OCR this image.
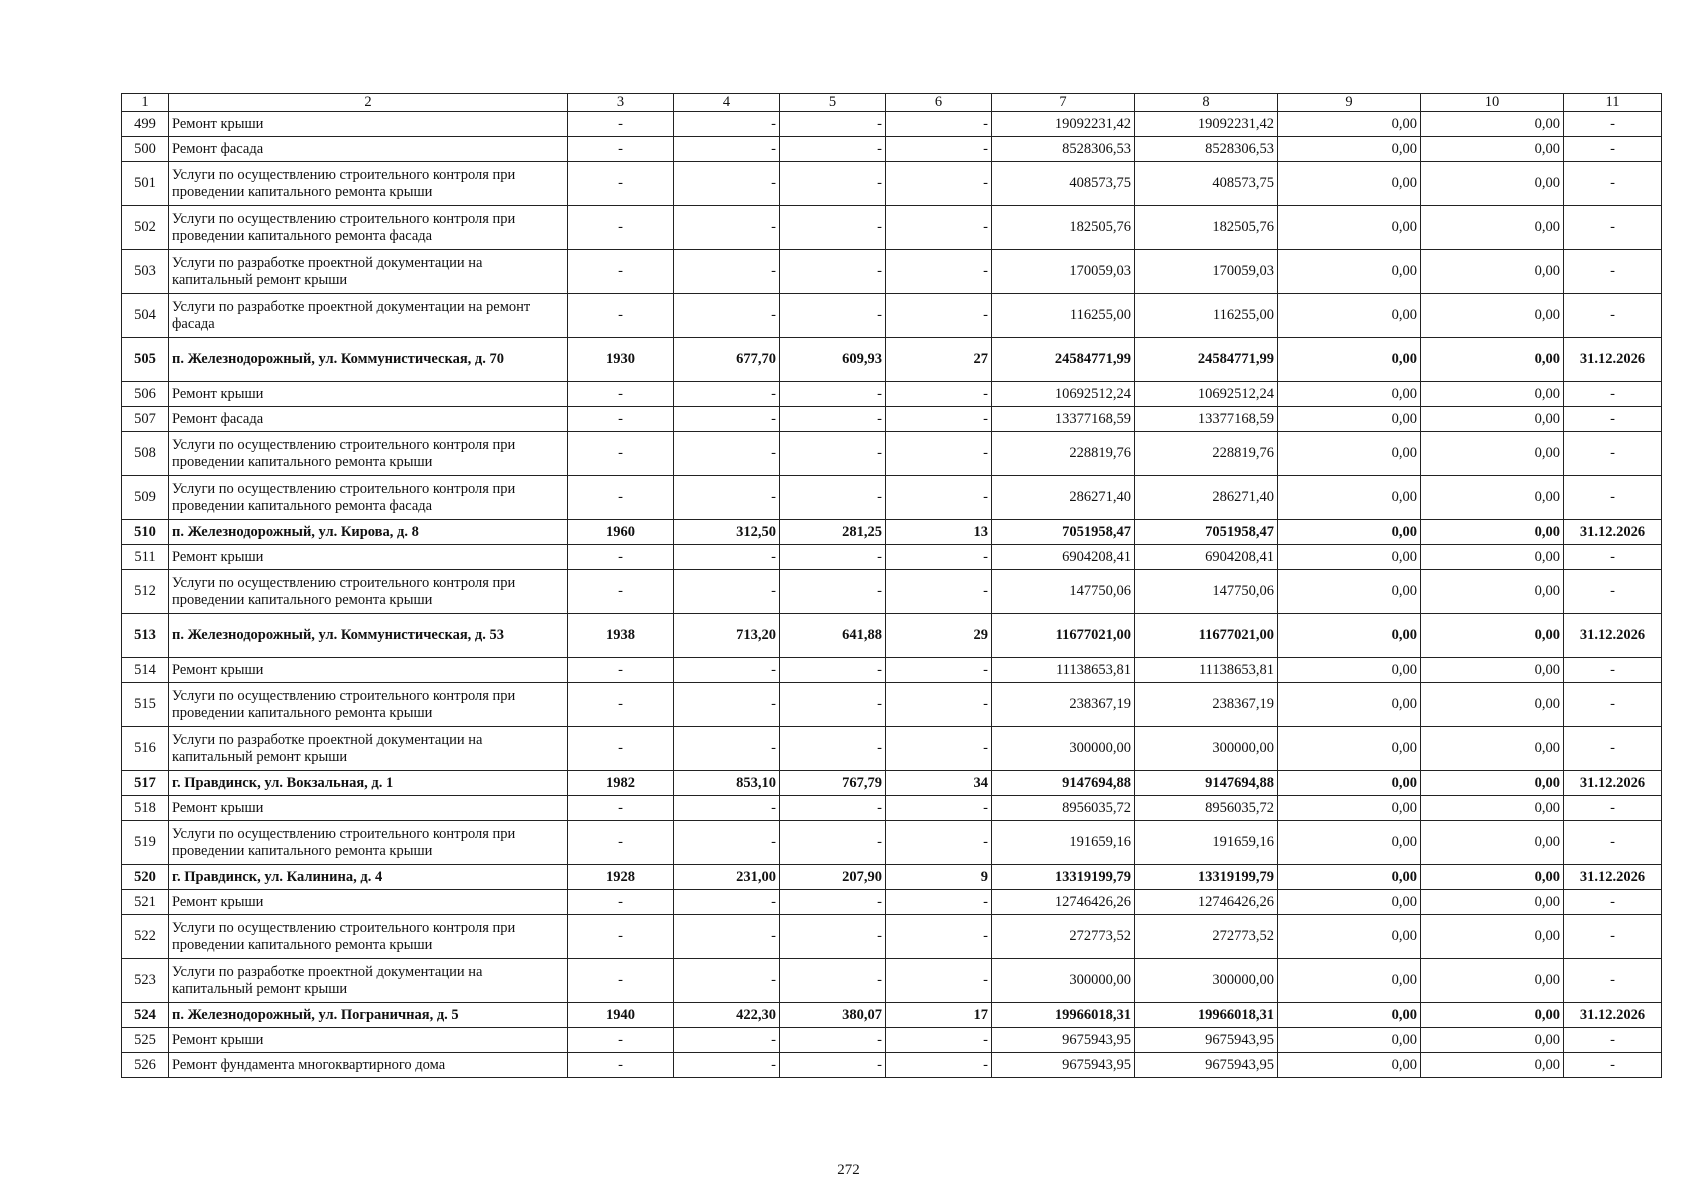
1	2	3	4	5	6	7	8	9	10	11
499	Ремонт крыши	-	-	-	-	19092231,42	19092231,42	0,00	0,00	-
500	Ремонт фасада	-	-	-	-	8528306,53	8528306,53	0,00	0,00	-
501	Услуги по осуществлению строительного контроля при проведении капитального ремонта крыши	-	-	-	-	408573,75	408573,75	0,00	0,00	-
502	Услуги по осуществлению строительного контроля при проведении капитального ремонта фасада	-	-	-	-	182505,76	182505,76	0,00	0,00	-
503	Услуги по разработке проектной документации на капитальный ремонт крыши	-	-	-	-	170059,03	170059,03	0,00	0,00	-
504	Услуги по разработке проектной документации на ремонт фасада	-	-	-	-	116255,00	116255,00	0,00	0,00	-
505	п. Железнодорожный, ул. Коммунистическая, д. 70	1930	677,70	609,93	27	24584771,99	24584771,99	0,00	0,00	31.12.2026
506	Ремонт крыши	-	-	-	-	10692512,24	10692512,24	0,00	0,00	-
507	Ремонт фасада	-	-	-	-	13377168,59	13377168,59	0,00	0,00	-
508	Услуги по осуществлению строительного контроля при проведении капитального ремонта крыши	-	-	-	-	228819,76	228819,76	0,00	0,00	-
509	Услуги по осуществлению строительного контроля при проведении капитального ремонта фасада	-	-	-	-	286271,40	286271,40	0,00	0,00	-
510	п. Железнодорожный, ул. Кирова, д. 8	1960	312,50	281,25	13	7051958,47	7051958,47	0,00	0,00	31.12.2026
511	Ремонт крыши	-	-	-	-	6904208,41	6904208,41	0,00	0,00	-
512	Услуги по осуществлению строительного контроля при проведении капитального ремонта крыши	-	-	-	-	147750,06	147750,06	0,00	0,00	-
513	п. Железнодорожный, ул. Коммунистическая, д. 53	1938	713,20	641,88	29	11677021,00	11677021,00	0,00	0,00	31.12.2026
514	Ремонт крыши	-	-	-	-	11138653,81	11138653,81	0,00	0,00	-
515	Услуги по осуществлению строительного контроля при проведении капитального ремонта крыши	-	-	-	-	238367,19	238367,19	0,00	0,00	-
516	Услуги по разработке проектной документации на капитальный ремонт крыши	-	-	-	-	300000,00	300000,00	0,00	0,00	-
517	г. Правдинск, ул. Вокзальная, д. 1	1982	853,10	767,79	34	9147694,88	9147694,88	0,00	0,00	31.12.2026
518	Ремонт крыши	-	-	-	-	8956035,72	8956035,72	0,00	0,00	-
519	Услуги по осуществлению строительного контроля при проведении капитального ремонта крыши	-	-	-	-	191659,16	191659,16	0,00	0,00	-
520	г. Правдинск, ул. Калинина, д. 4	1928	231,00	207,90	9	13319199,79	13319199,79	0,00	0,00	31.12.2026
521	Ремонт крыши	-	-	-	-	12746426,26	12746426,26	0,00	0,00	-
522	Услуги по осуществлению строительного контроля при проведении капитального ремонта крыши	-	-	-	-	272773,52	272773,52	0,00	0,00	-
523	Услуги по разработке проектной документации на капитальный ремонт крыши	-	-	-	-	300000,00	300000,00	0,00	0,00	-
524	п. Железнодорожный, ул. Пограничная, д. 5	1940	422,30	380,07	17	19966018,31	19966018,31	0,00	0,00	31.12.2026
525	Ремонт крыши	-	-	-	-	9675943,95	9675943,95	0,00	0,00	-
526	Ремонт фундамента многоквартирного дома	-	-	-	-	9675943,95	9675943,95	0,00	0,00	-
272
